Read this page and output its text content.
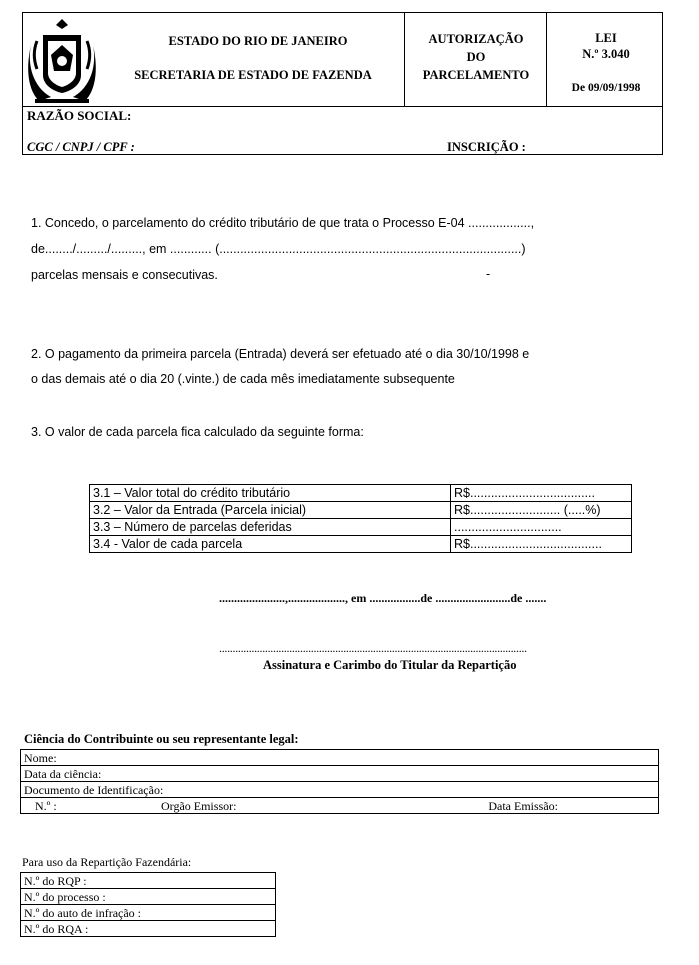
ESTADO DO RIO DE JANEIRO
SECRETARIA DE ESTADO DE FAZENDA
AUTORIZAÇÃO
DO
PARCELAMENTO
LEI
N.º 3.040
De 09/09/1998
RAZÃO SOCIAL:
CGC / CNPJ / CPF :	INSCRIÇÃO :
1. Concedo, o parcelamento do crédito tributário de que trata o Processo E-04 ..................,
de......../........./........., em ............ (.......................................................................................)
parcelas mensais e consecutivas.	-
2. O pagamento da primeira parcela (Entrada) deverá ser efetuado até o dia 30/10/1998 e
o das demais até o dia 20 (.vinte.) de cada mês imediatamente subsequente
3. O valor de cada parcela fica calculado da seguinte forma:
3.1 – Valor total do crédito tributário	R$....................................
3.2 – Valor da Entrada (Parcela inicial)	R$.......................... (.....%)
3.3 – Número de parcelas deferidas	...............................
3.4 - Valor de cada parcela	R$......................................
......................,..................., em .................de .........................de .......
..................................................................................................................
Assinatura e Carimbo do Titular da Repartição
Ciência do Contribuinte ou seu representante legal:
Nome:
Data da ciência:
Documento de Identificação:
N.º :	Orgão Emissor:	Data Emissão:
Para uso da Repartição Fazendária:
N.º do RQP :
N.º do processo :
N.º do auto de infração :
N.º do RQA :
